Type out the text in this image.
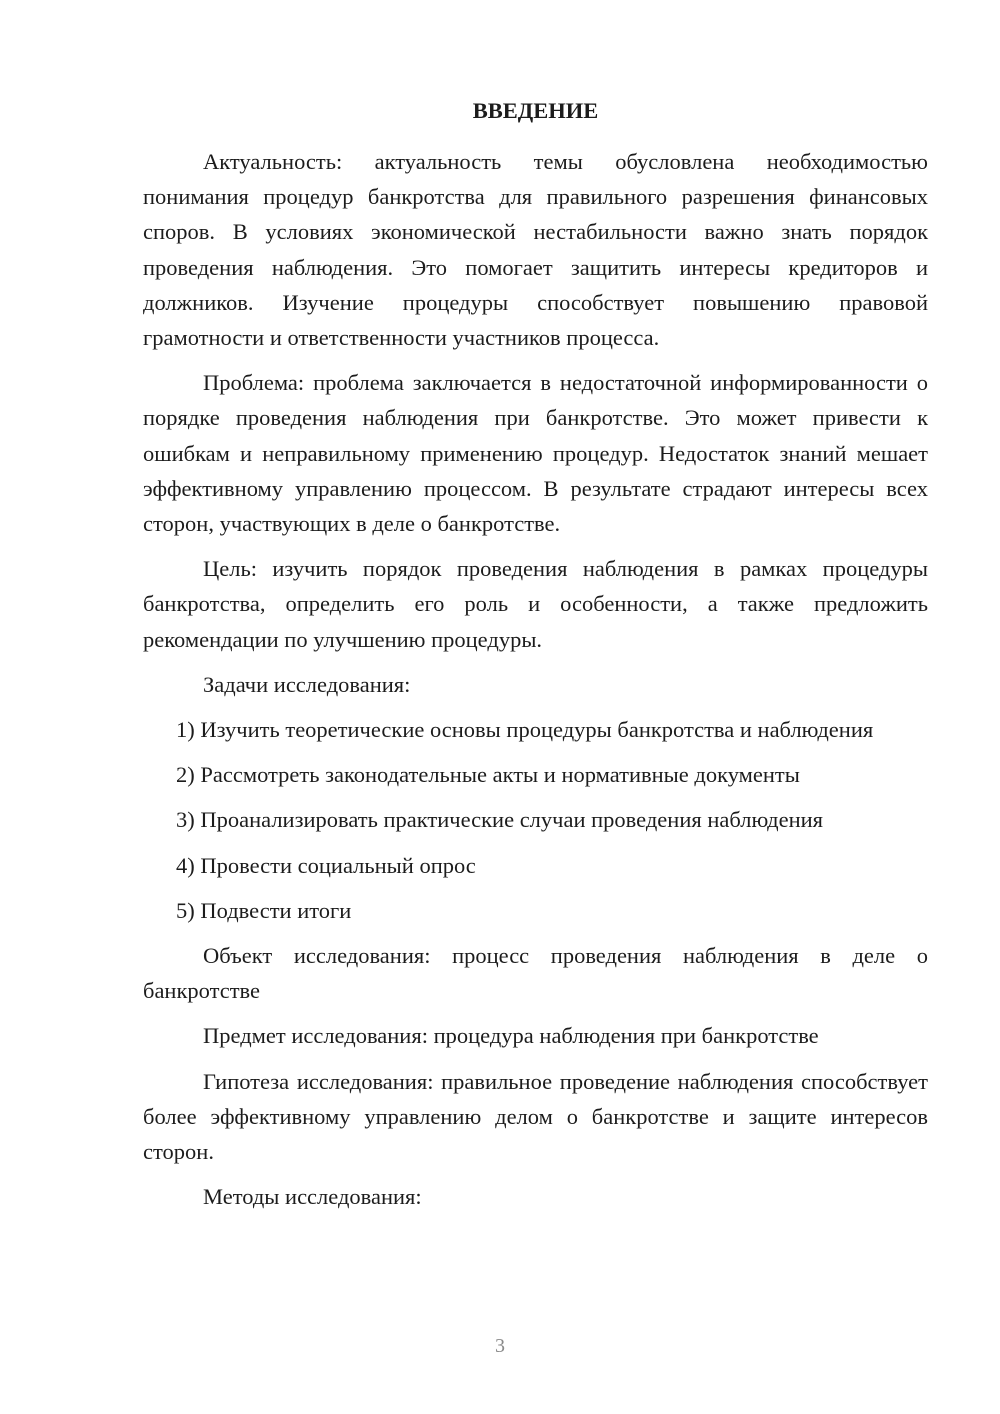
ВВЕДЕНИЕ

Актуальность: актуальность темы обусловлена необходимостью понимания процедур банкротства для правильного разрешения финансовых споров. В условиях экономической нестабильности важно знать порядок проведения наблюдения. Это помогает защитить интересы кредиторов и должников. Изучение процедуры способствует повышению правовой грамотности и ответственности участников процесса.

Проблема: проблема заключается в недостаточной информированности о порядке проведения наблюдения при банкротстве. Это может привести к ошибкам и неправильному применению процедур. Недостаток знаний мешает эффективному управлению процессом. В результате страдают интересы всех сторон, участвующих в деле о банкротстве.

Цель: изучить порядок проведения наблюдения в рамках процедуры банкротства, определить его роль и особенности, а также предложить рекомендации по улучшению процедуры.

Задачи исследования:

1) Изучить теоретические основы процедуры банкротства и наблюдения

2) Рассмотреть законодательные акты и нормативные документы

3) Проанализировать практические случаи проведения наблюдения

4) Провести социальный опрос

5) Подвести итоги

Объект исследования: процесс проведения наблюдения в деле о банкротстве

Предмет исследования: процедура наблюдения при банкротстве

Гипотеза исследования: правильное проведение наблюдения способствует более эффективному управлению делом о банкротстве и защите интересов сторон.

Методы исследования:

3
